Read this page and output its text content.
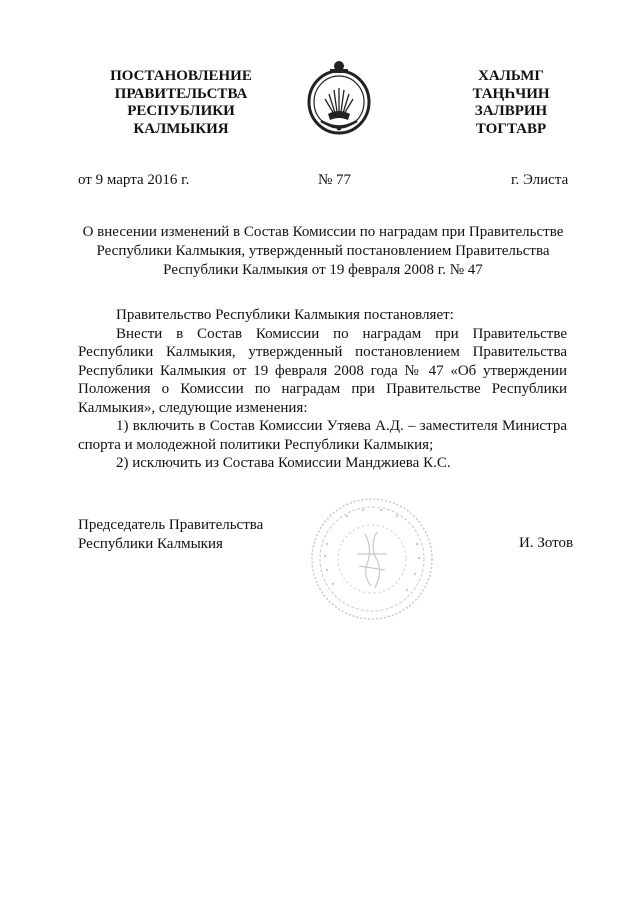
ПОСТАНОВЛЕНИЕ
ПРАВИТЕЛЬСТВА
РЕСПУБЛИКИ
КАЛМЫКИЯ
ХАЛЬМГ
ТАҢҺЧИН
ЗАЛВРИН
ТОГТАВР
от 9 марта 2016 г.	№ 77	г. Элиста
О внесении изменений в Состав Комиссии по наградам при Правительстве
Республики Калмыкия, утвержденный постановлением Правительства
Республики Калмыкия от 19 февраля 2008 г. № 47

Правительство Республики Калмыкия постановляет:

Внести в Состав Комиссии по наградам при Правительстве Республики Калмыкия, утвержденный постановлением Правительства Республики Калмыкия от 19 февраля 2008 года № 47 «Об утверждении Положения о Комиссии по наградам при Правительстве Республики Калмыкия», следующие изменения:

1) включить в Состав Комиссии Утяева А.Д. – заместителя Министра спорта и молодежной политики Республики Калмыкия;

2) исключить из Состава Комиссии Манджиева К.С.

Председатель Правительства
Республики Калмыкия	И. Зотов
